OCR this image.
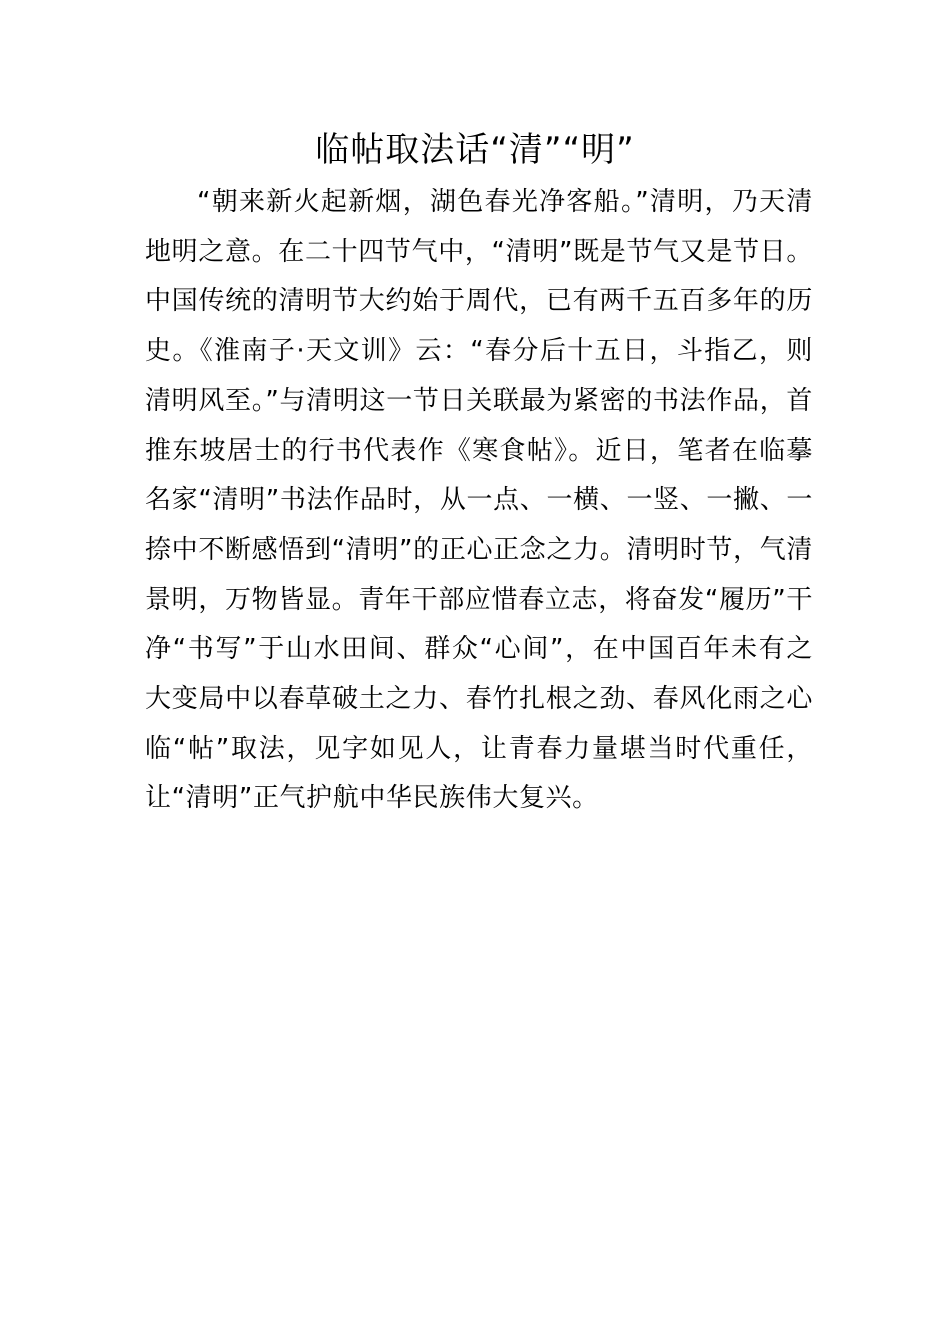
临帖取法话“清”“明”

“朝来新火起新烟，湖色春光净客船。”清明，乃天清地明之意。在二十四节气中，“清明”既是节气又是节日。中国传统的清明节大约始于周代，已有两千五百多年的历史。《淮南子·天文训》云：“春分后十五日，斗指乙，则清明风至。”与清明这一节日关联最为紧密的书法作品，首推东坡居士的行书代表作《寒食帖》。近日，笔者在临摹名家“清明”书法作品时，从一点、一横、一竖、一撇、一捺中不断感悟到“清明”的正心正念之力。清明时节，气清景明，万物皆显。青年干部应惜春立志，将奋发“履历”干净“书写”于山水田间、群众“心间”，在中国百年未有之大变局中以春草破土之力、春竹扎根之劲、春风化雨之心临“帖”取法，见字如见人，让青春力量堪当时代重任，让“清明”正气护航中华民族伟大复兴。
